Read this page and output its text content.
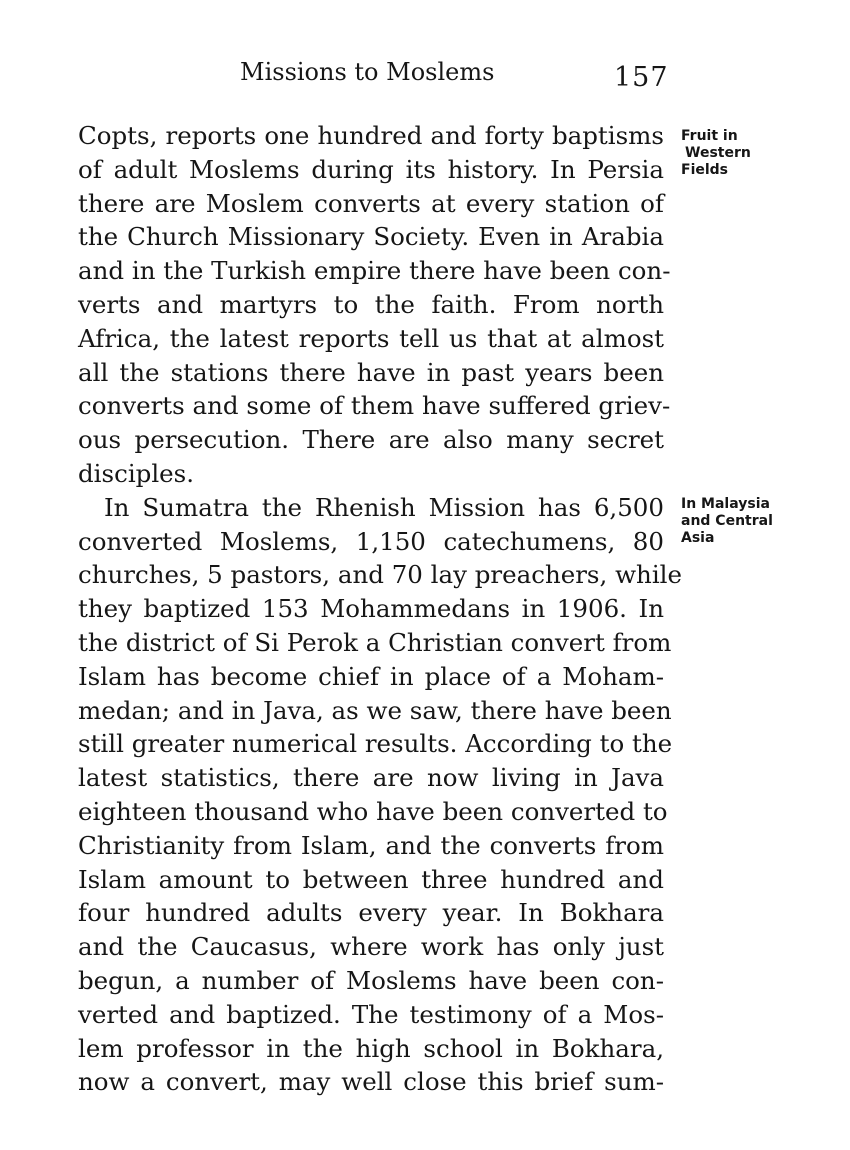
Missions to Moslems	157
Fruit in
Western
Fields
In Malaysia
and Central
Asia
Copts, reports one hundred and forty baptisms
of adult Moslems during its history. In Persia
there are Moslem converts at every station of
the Church Missionary Society. Even in Arabia
and in the Turkish empire there have been con-
verts and martyrs to the faith. From north
Africa, the latest reports tell us that at almost
all the stations there have in past years been
converts and some of them have suffered griev-
ous persecution. There are also many secret
disciples.
In Sumatra the Rhenish Mission has 6,500
converted Moslems, 1,150 catechumens, 80
churches, 5 pastors, and 70 lay preachers, while
they baptized 153 Mohammedans in 1906. In
the district of Si Perok a Christian convert from
Islam has become chief in place of a Moham-
medan; and in Java, as we saw, there have been
still greater numerical results. According to the
latest statistics, there are now living in Java
eighteen thousand who have been converted to
Christianity from Islam, and the converts from
Islam amount to between three hundred and
four hundred adults every year. In Bokhara
and the Caucasus, where work has only just
begun, a number of Moslems have been con-
verted and baptized. The testimony of a Mos-
lem professor in the high school in Bokhara,
now a convert, may well close this brief sum-
